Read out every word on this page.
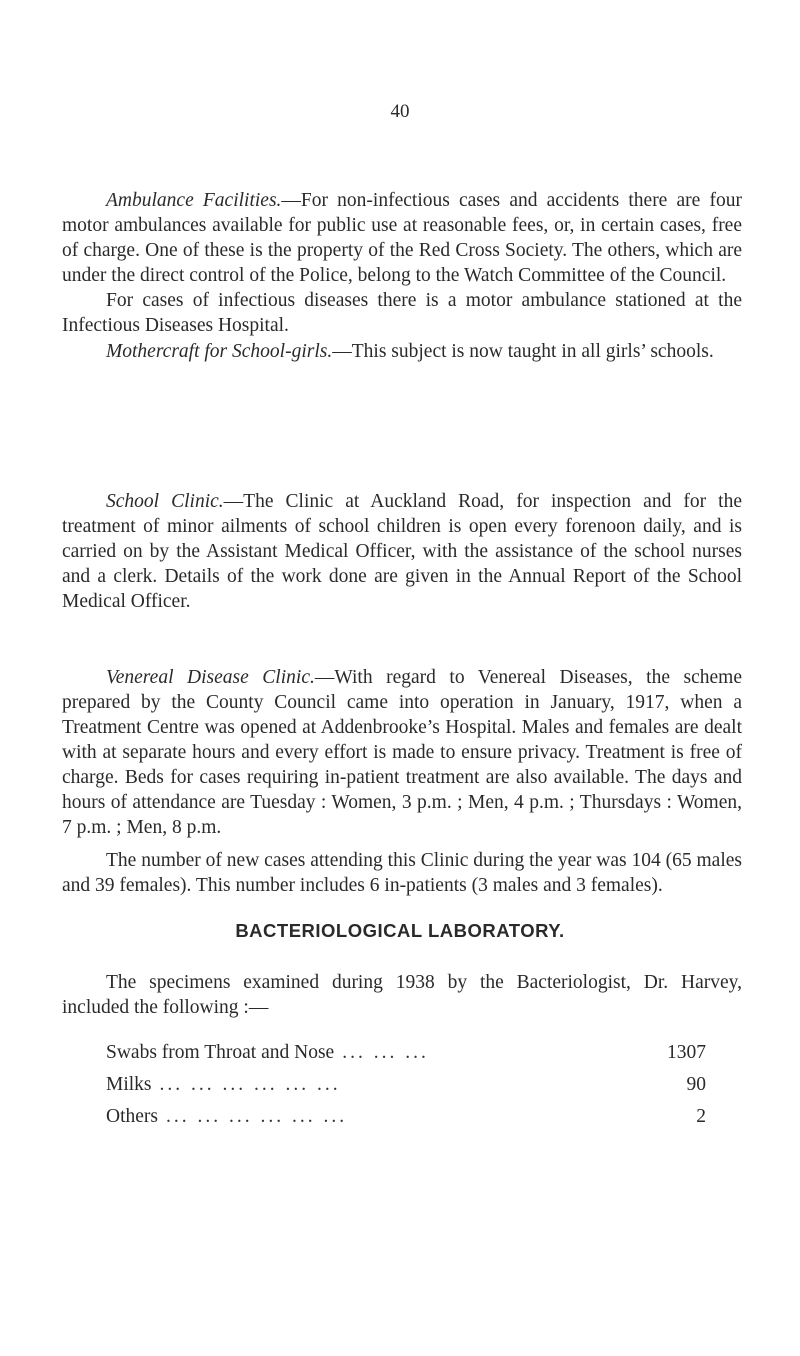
40

Ambulance Facilities.—For non-infectious cases and accidents there are four motor ambulances available for public use at reasonable fees, or, in certain cases, free of charge. One of these is the property of the Red Cross Society. The others, which are under the direct control of the Police, belong to the Watch Committee of the Council.

For cases of infectious diseases there is a motor ambulance stationed at the Infectious Diseases Hospital.

Mothercraft for School-girls.—This subject is now taught in all girls’ schools.

School Clinic.—The Clinic at Auckland Road, for inspection and for the treatment of minor ailments of school children is open every forenoon daily, and is carried on by the Assistant Medical Officer, with the assistance of the school nurses and a clerk. Details of the work done are given in the Annual Report of the School Medical Officer.

Venereal Disease Clinic.—With regard to Venereal Diseases, the scheme prepared by the County Council came into operation in January, 1917, when a Treatment Centre was opened at Addenbrooke’s Hospital. Males and females are dealt with at separate hours and every effort is made to ensure privacy. Treatment is free of charge. Beds for cases requiring in-patient treatment are also available. The days and hours of attendance are Tuesday : Women, 3 p.m. ; Men, 4 p.m. ; Thursdays : Women, 7 p.m. ; Men, 8 p.m.

The number of new cases attending this Clinic during the year was 104 (65 males and 39 females). This number includes 6 in-patients (3 males and 3 females).

BACTERIOLOGICAL LABORATORY.

The specimens examined during 1938 by the Bacteriologist, Dr. Harvey, included the following :—

Swabs from Throat and Nose ... ... ...	1307
Milks ... ... ... ... ... ...	90
Others ... ... ... ... ... ...	2
